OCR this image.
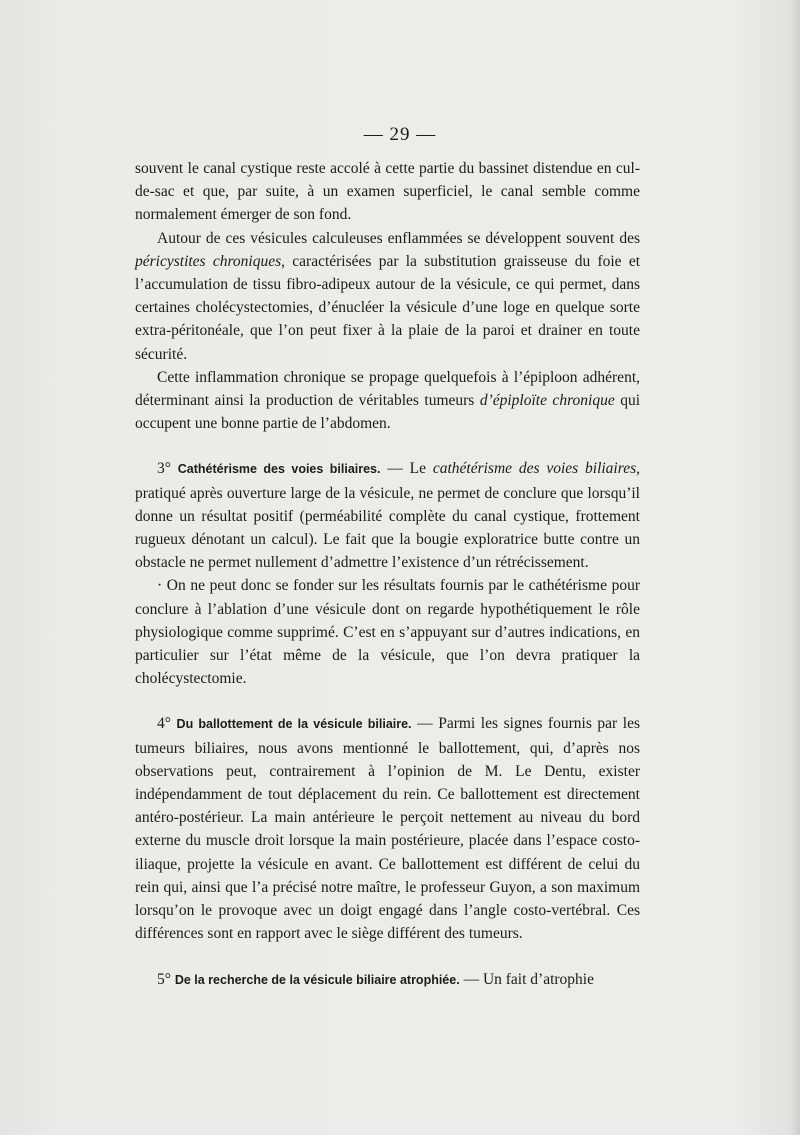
— 29 —

souvent le canal cystique reste accolé à cette partie du bassinet distendue en cul-de-sac et que, par suite, à un examen superficiel, le canal semble comme normalement émerger de son fond.

Autour de ces vésicules calculeuses enflammées se développent souvent des péricystites chroniques, caractérisées par la substitution graisseuse du foie et l’accumulation de tissu fibro-adipeux autour de la vésicule, ce qui permet, dans certaines cholécystectomies, d’énucléer la vésicule d’une loge en quelque sorte extra-péritonéale, que l’on peut fixer à la plaie de la paroi et drainer en toute sécurité.

Cette inflammation chronique se propage quelquefois à l’épiploon adhérent, déterminant ainsi la production de véritables tumeurs d’épiploïte chronique qui occupent une bonne partie de l’abdomen.

3° Cathétérisme des voies biliaires. — Le cathétérisme des voies biliaires, pratiqué après ouverture large de la vésicule, ne permet de conclure que lorsqu’il donne un résultat positif (perméabilité complète du canal cystique, frottement rugueux dénotant un calcul). Le fait que la bougie exploratrice butte contre un obstacle ne permet nullement d’admettre l’existence d’un rétrécissement.

· On ne peut donc se fonder sur les résultats fournis par le cathétérisme pour conclure à l’ablation d’une vésicule dont on regarde hypothétiquement le rôle physiologique comme supprimé. C’est en s’appuyant sur d’autres indications, en particulier sur l’état même de la vésicule, que l’on devra pratiquer la cholécystectomie.

4° Du ballottement de la vésicule biliaire. — Parmi les signes fournis par les tumeurs biliaires, nous avons mentionné le ballottement, qui, d’après nos observations peut, contrairement à l’opinion de M. Le Dentu, exister indépendamment de tout déplacement du rein. Ce ballottement est directement antéro-postérieur. La main antérieure le perçoit nettement au niveau du bord externe du muscle droit lorsque la main postérieure, placée dans l’espace costo-iliaque, projette la vésicule en avant. Ce ballottement est différent de celui du rein qui, ainsi que l’a précisé notre maître, le professeur Guyon, a son maximum lorsqu’on le provoque avec un doigt engagé dans l’angle costo-vertébral. Ces différences sont en rapport avec le siège différent des tumeurs.

5° De la recherche de la vésicule biliaire atrophiée. — Un fait d’atrophie
